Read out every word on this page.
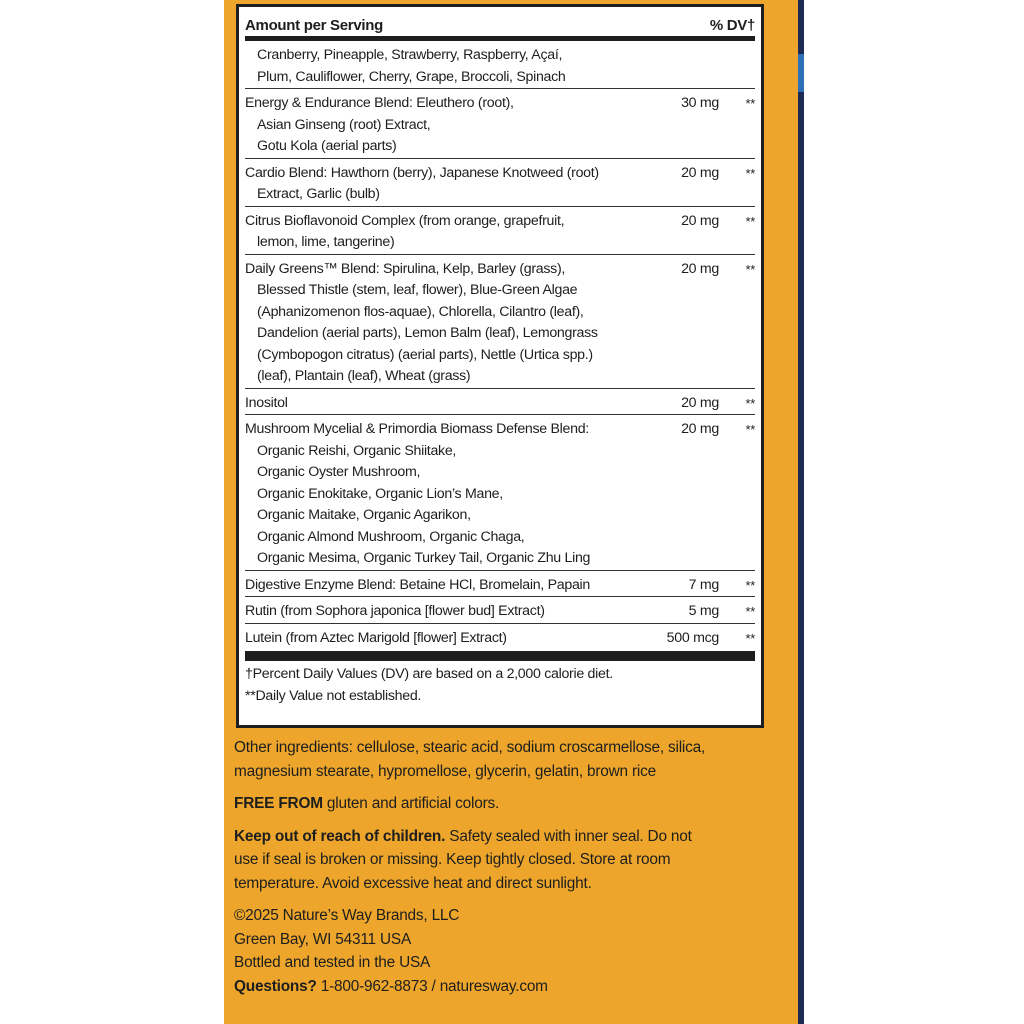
Amount per Serving	% DV†
Cranberry, Pineapple, Strawberry, Raspberry, Açaí,
Plum, Cauliflower, Cherry, Grape, Broccoli, Spinach
Energy & Endurance Blend: Eleuthero (root),
Asian Ginseng (root) Extract,
Gotu Kola (aerial parts)
30 mg	**
Cardio Blend: Hawthorn (berry), Japanese Knotweed (root)
Extract, Garlic (bulb)
20 mg	**
Citrus Bioflavonoid Complex (from orange, grapefruit,
lemon, lime, tangerine)
20 mg	**
Daily Greens™ Blend: Spirulina, Kelp, Barley (grass),
Blessed Thistle (stem, leaf, flower), Blue-Green Algae
(Aphanizomenon flos-aquae), Chlorella, Cilantro (leaf),
Dandelion (aerial parts), Lemon Balm (leaf), Lemongrass
(Cymbopogon citratus) (aerial parts), Nettle (Urtica spp.)
(leaf), Plantain (leaf), Wheat (grass)
20 mg	**
Inositol	20 mg	**
Mushroom Mycelial & Primordia Biomass Defense Blend:
Organic Reishi, Organic Shiitake,
Organic Oyster Mushroom,
Organic Enokitake, Organic Lion’s Mane,
Organic Maitake, Organic Agarikon,
Organic Almond Mushroom, Organic Chaga,
Organic Mesima, Organic Turkey Tail, Organic Zhu Ling
20 mg	**
Digestive Enzyme Blend: Betaine HCl, Bromelain, Papain	7 mg	**
Rutin (from Sophora japonica [flower bud] Extract)	5 mg	**
Lutein (from Aztec Marigold [flower] Extract)	500 mcg	**
†Percent Daily Values (DV) are based on a 2,000 calorie diet.
**Daily Value not established.

Other ingredients: cellulose, stearic acid, sodium croscarmellose, silica,
magnesium stearate, hypromellose, glycerin, gelatin, brown rice

FREE FROM gluten and artificial colors.

Keep out of reach of children. Safety sealed with inner seal. Do not
use if seal is broken or missing. Keep tightly closed. Store at room
temperature. Avoid excessive heat and direct sunlight.

©2025 Nature’s Way Brands, LLC
Green Bay, WI 54311 USA
Bottled and tested in the USA
Questions? 1-800-962-8873 / naturesway.com
